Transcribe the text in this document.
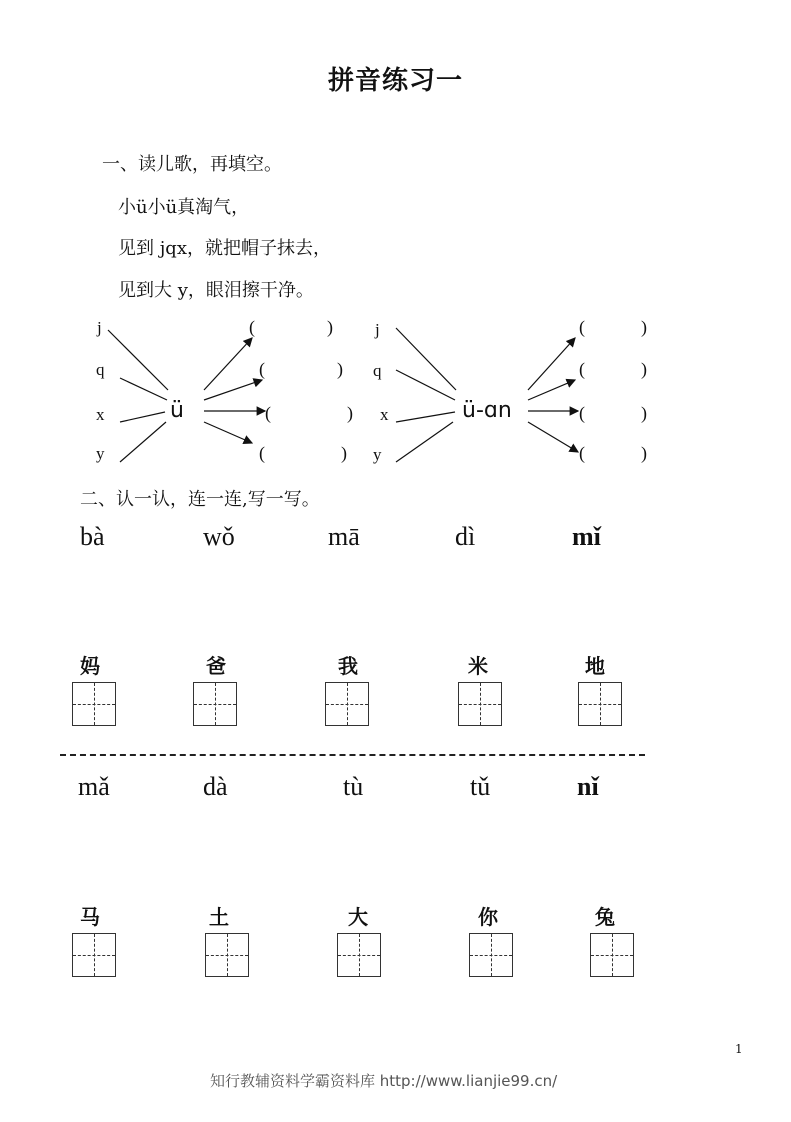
拼音练习一
一、读儿歌，再填空。
小ü小ü真淘气，
见到 jqx，就把帽子抹去，
见到大 y，眼泪擦干净。
j
q
x
y
ü
(	)
(	)
(	)
(	)
j
q
x
y
ü-ɑn
(	)
(	)
(	)
(	)
二、认一认，连一连,写一写。
bà	wǒ	mā	dì	mǐ
妈	爸	我	米	地
mǎ	dà	tù	tǔ	nǐ
马	土	大	你	兔
1
知行教辅资料学霸资料库 http://www.lianjie99.cn/
